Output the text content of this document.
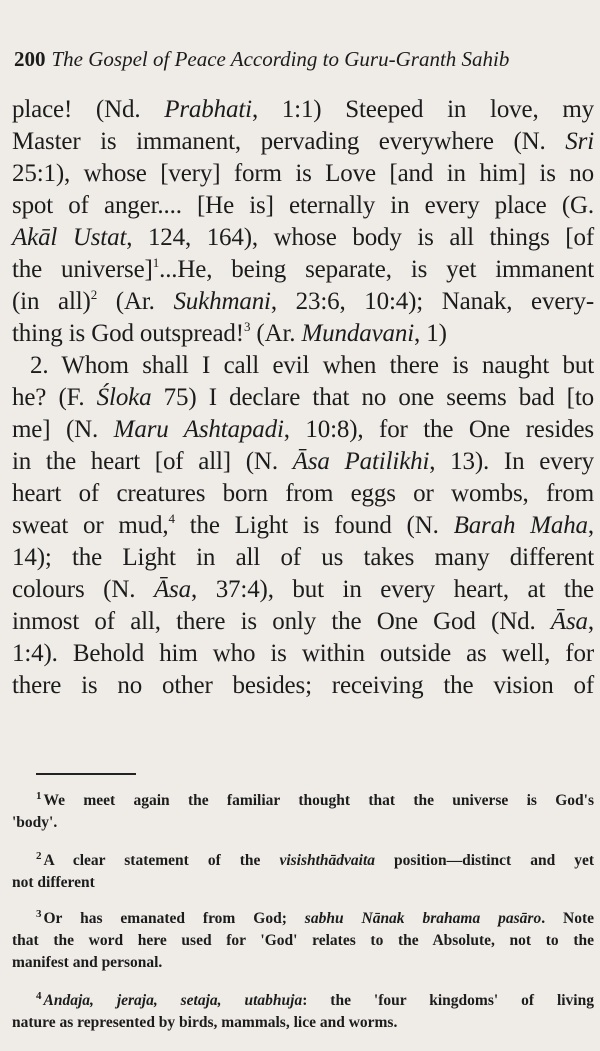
200 The Gospel of Peace According to Guru-Granth Sahib
place! (Nd. Prabhati, 1:1) Steeped in love, my
Master is immanent, pervading everywhere (N. Sri
25:1), whose [very] form is Love [and in him] is no
spot of anger.... [He is] eternally in every place (G.
Akāl Ustat, 124, 164), whose body is all things [of
the universe]$^1$...He, being separate, is yet immanent
(in all)$^2$ (Ar. Sukhmani, 23:6, 10:4); Nanak, every-
thing is God outspread!$^3$ (Ar. Mundavani, 1)
2. Whom shall I call evil when there is naught but
he? (F. Śloka 75) I declare that no one seems bad [to
me] (N. Maru Ashtapadi, 10:8), for the One resides
in the heart [of all] (N. Āsa Patilikhi, 13). In every
heart of creatures born from eggs or wombs, from
sweat or mud,$^4$ the Light is found (N. Barah Maha,
14); the Light in all of us takes many different
colours (N. Āsa, 37:4), but in every heart, at the
inmost of all, there is only the One God (Nd. Āsa,
1:4). Behold him who is within outside as well, for
there is no other besides; receiving the vision of
$^1$ We meet again the familiar thought that the universe is God's
'body'.
$^2$ A clear statement of the visishthādvaita position—distinct and yet
not different
$^3$ Or has emanated from God; sabhu Nānak brahama pasāro. Note
that the word here used for 'God' relates to the Absolute, not to the
manifest and personal.
$^4$ Andaja, jeraja, setaja, utabhuja: the 'four kingdoms' of living
nature as represented by birds, mammals, lice and worms.
